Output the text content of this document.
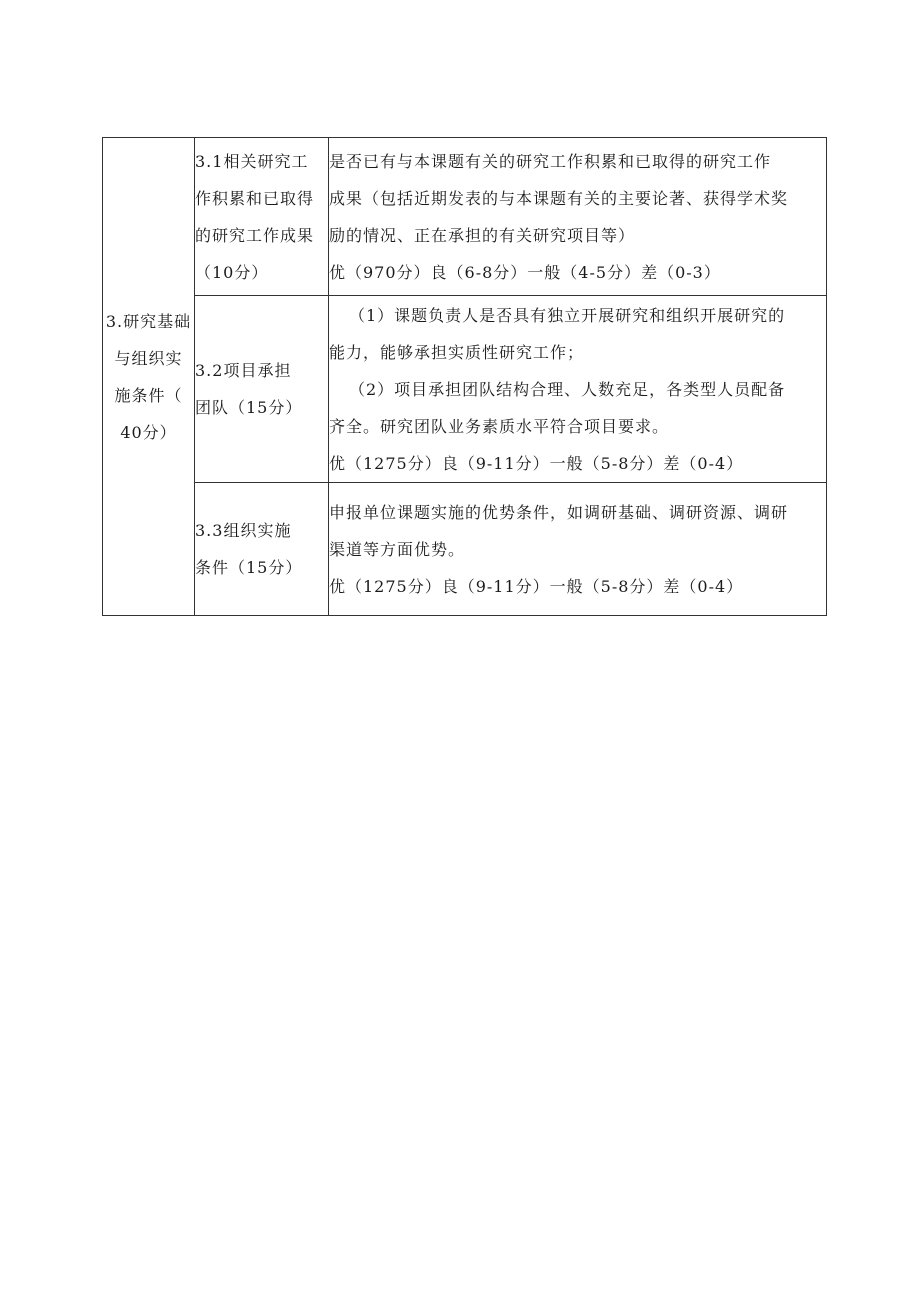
3.研究基础
与组织实
施条件（
40分）	3.1相关研究工
作积累和已取得
的研究工作成果
（10分）	是否已有与本课题有关的研究工作积累和已取得的研究工作
成果（包括近期发表的与本课题有关的主要论著、获得学术奖
励的情况、正在承担的有关研究项目等）
优（970分）良（6-8分）一般（4-5分）差（0-3）

	3.2项目承担
团队（15分）	（1）课题负责人是否具有独立开展研究和组织开展研究的
能力，能够承担实质性研究工作；
（2）项目承担团队结构合理、人数充足，各类型人员配备
齐全。研究团队业务素质水平符合项目要求。
优（1275分）良（9-11分）一般（5-8分）差（0-4）

	3.3组织实施
条件（15分）	申报单位课题实施的优势条件，如调研基础、调研资源、调研
渠道等方面优势。
优（1275分）良（9-11分）一般（5-8分）差（0-4）
